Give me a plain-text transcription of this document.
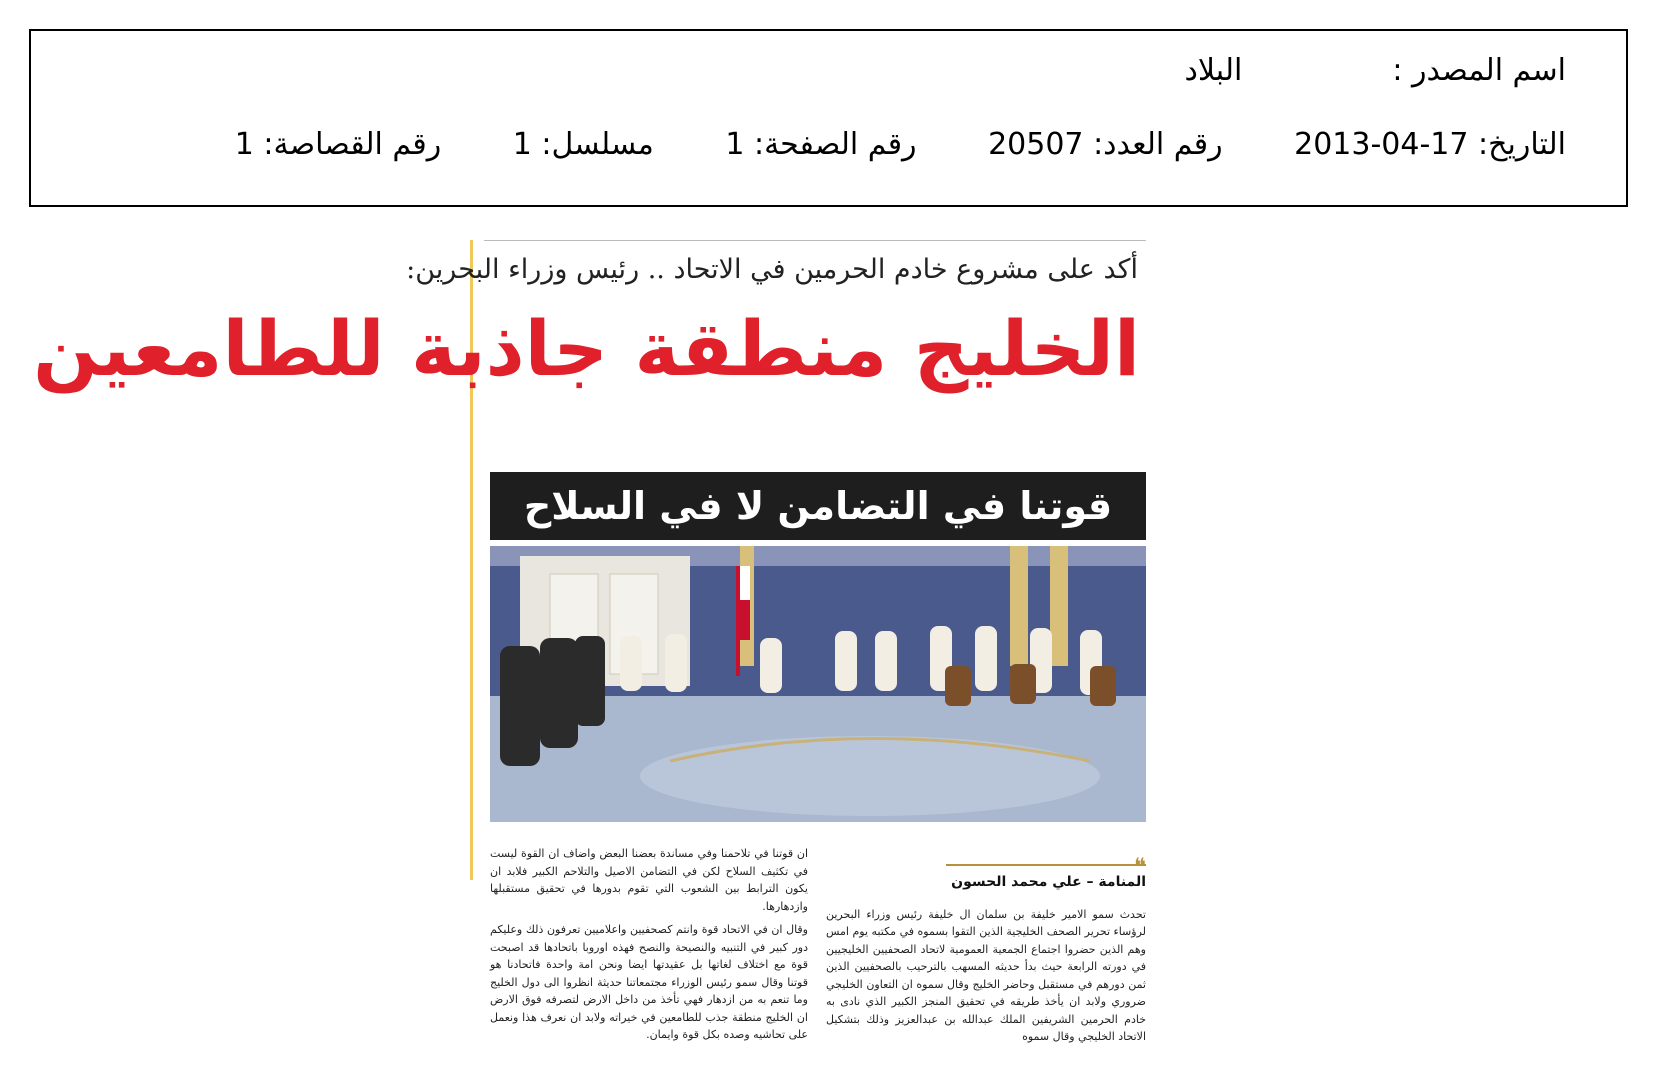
اسم المصدر :البلاد
التاريخ: 2013-04-17 رقم العدد: 20507 رقم الصفحة: 1 مسلسل: 1 رقم القصاصة: 1
أكد على مشروع خادم الحرمين في الاتحاد .. رئيس وزراء البحرين:
الخليج منطقة جاذبة للطامعين
قوتنا في التضامن لا في السلاح
❝
المنامة – علي محمد الحسون
تحدث سمو الامير خليفة بن سلمان ال خليفة رئيس وزراء البحرين لرؤساء تحرير الصحف الخليجية الذين التقوا بسموه في مكتبه يوم امس وهم الذين حضروا اجتماع الجمعية العمومية لاتحاد الصحفيين الخليجيين في دورته الرابعة حيث بدأ حديثه المسهب بالترحيب بالصحفيين الذين ثمن دورهم في مستقبل وحاضر الخليج وقال سموه ان التعاون الخليجي ضروري ولابد ان يأخذ طريقه في تحقيق المنجز الكبير الذي نادى به خادم الحرمين الشريفين الملك عبدالله بن عبدالعزيز وذلك بتشكيل الاتحاد الخليجي وقال سموه

ان قوتنا في تلاحمنا وفي مساندة بعضنا البعض واضاف ان القوة ليست في تكثيف السلاح لكن في التضامن الاصيل والتلاحم الكبير فلابد ان يكون الترابط بين الشعوب التي تقوم بدورها في تحقيق مستقبلها وازدهارها.

وقال ان في الاتحاد قوة وانتم كصحفيين واعلاميين تعرفون ذلك وعليكم دور كبير في التنبيه والنصيحة والنصح فهذه اوروبا باتحادها قد اصبحت قوة مع اختلاف لغاتها بل عقيدتها ايضا ونحن امة واحدة فاتحادنا هو قوتنا وقال سمو رئيس الوزراء مجتمعاتنا حديثة انظروا الى دول الخليج وما تنعم به من ازدهار فهي تأخذ من داخل الارض لتصرفه فوق الارض ان الخليج منطقة جذب للطامعين في خيراته ولابد ان نعرف هذا ونعمل على تحاشيه وصده بكل قوة وايمان.
